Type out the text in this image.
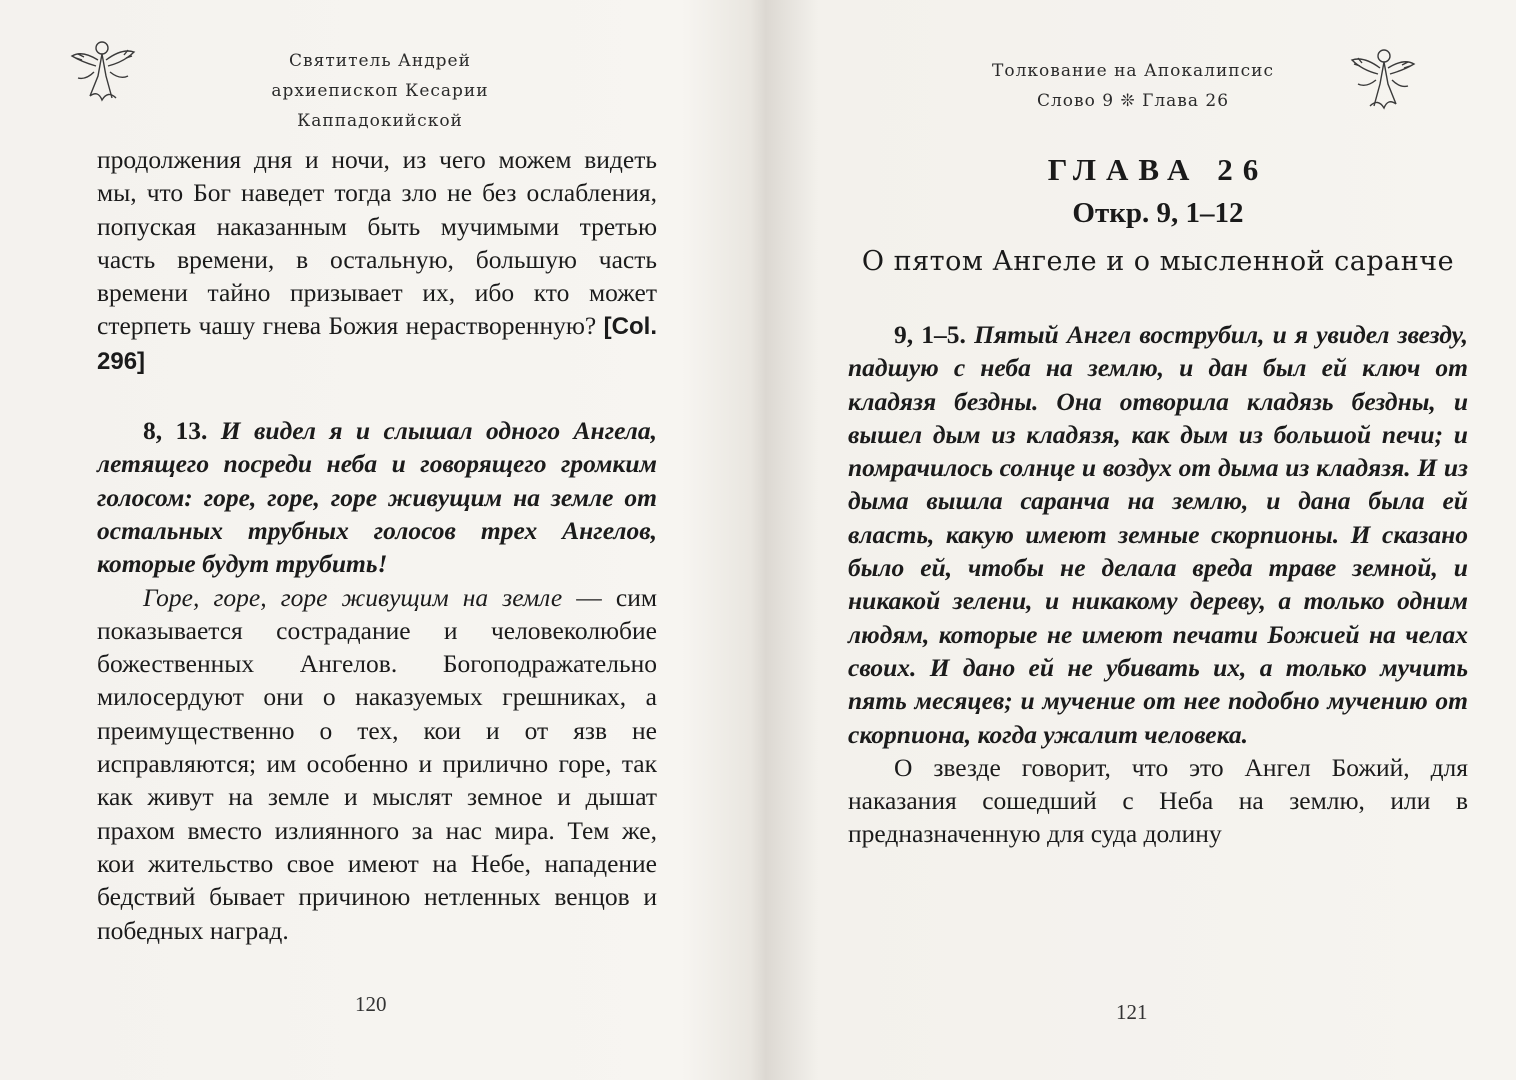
Святитель Андрей
архиепископ Кесарии Каппадокийской

продолжения дня и ночи, из чего можем видеть мы, что Бог наведет тогда зло не без ослабления, попуская наказанным быть мучимыми третью часть времени, в остальную, большую часть времени тайно призывает их, ибо кто может стерпеть чашу гнева Божия нерастворенную? [Col. 296]

8, 13. И видел я и слышал одного Ангела, летящего посреди неба и говорящего громким голосом: горе, горе, горе живущим на земле от остальных трубных голосов трех Ангелов, которые будут трубить!

Горе, горе, горе живущим на земле — сим показывается сострадание и человеколюбие божественных Ангелов. Богоподражательно милосердуют они о наказуемых грешниках, а преимущественно о тех, кои и от язв не исправляются; им особенно и прилично горе, так как живут на земле и мыслят земное и дышат прахом вместо излиянного за нас мира. Тем же, кои жительство свое имеют на Небе, нападение бедствий бывает причиною нетленных венцов и победных наград.

120
Толкование на Апокалипсис
Слово 9 ❊ Глава 26
ГЛАВА 26
Откр. 9, 1–12
О пятом Ангеле и о мысленной саранче

9, 1–5. Пятый Ангел вострубил, и я увидел звезду, падшую с неба на землю, и дан был ей ключ от кладязя бездны. Она отворила кладязь бездны, и вышел дым из кладязя, как дым из большой печи; и помрачилось солнце и воздух от дыма из кладязя. И из дыма вышла саранча на землю, и дана была ей власть, какую имеют земные скорпионы. И сказано было ей, чтобы не делала вреда траве земной, и никакой зелени, и никакому дереву, а только одним людям, которые не имеют печати Божией на челах своих. И дано ей не убивать их, а только мучить пять месяцев; и мучение от нее подобно мучению от скорпиона, когда ужалит человека.

О звезде говорит, что это Ангел Божий, для наказания сошедший с Неба на землю, или в предназначенную для суда долину

121
